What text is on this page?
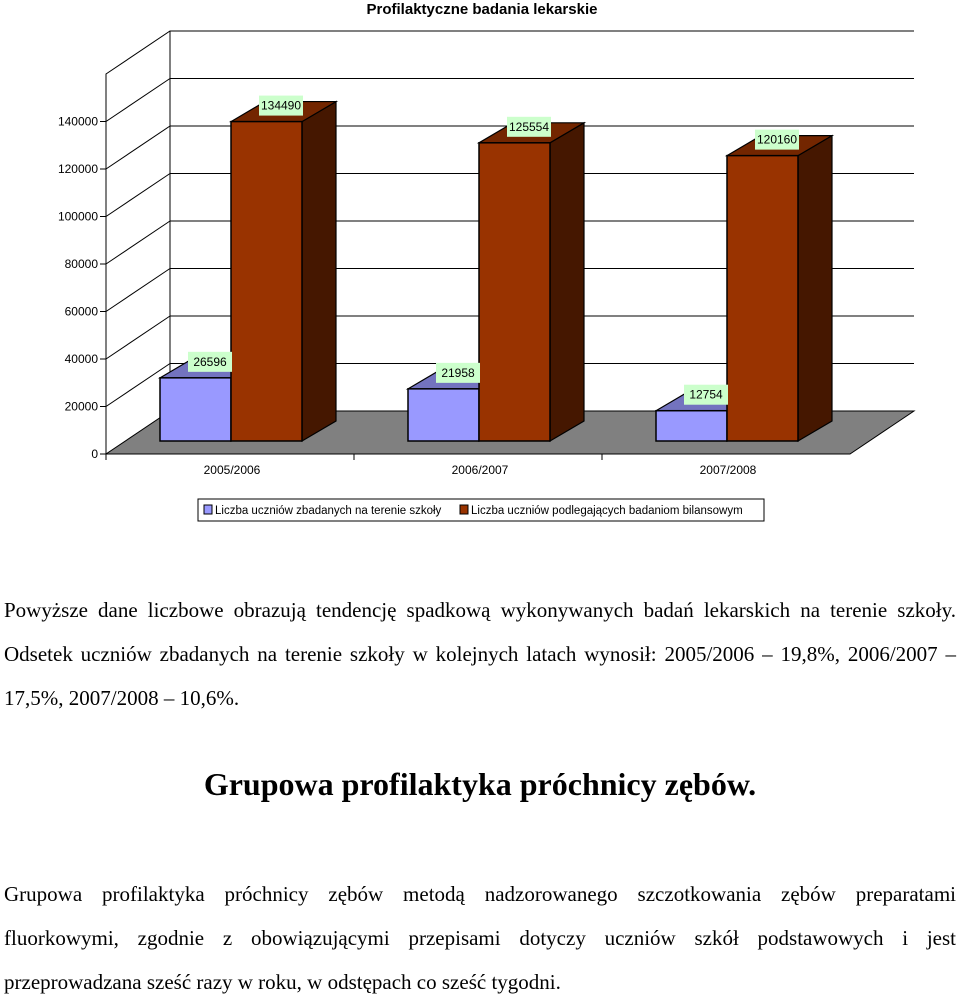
Profilaktyczne badania lekarskie
0
20000
40000
60000
80000
100000
120000
140000
2005/2006	2006/2007	2007/2008
26596
134490
21958
125554
12754
120160
Liczba uczniów zbadanych na terenie szkoły	Liczba uczniów podlegających badaniom bilansowym

Powyższe dane liczbowe obrazują tendencję spadkową wykonywanych badań lekarskich na terenie szkoły. Odsetek uczniów zbadanych na terenie szkoły w kolejnych latach wynosił: 2005/2006 – 19,8%, 2006/2007 – 17,5%, 2007/2008 – 10,6%.

Grupowa profilaktyka próchnicy zębów.

Grupowa profilaktyka próchnicy zębów metodą nadzorowanego szczotkowania zębów preparatami fluorkowymi, zgodnie z obowiązującymi przepisami dotyczy uczniów szkół podstawowych i jest przeprowadzana sześć razy w roku, w odstępach co sześć tygodni.
